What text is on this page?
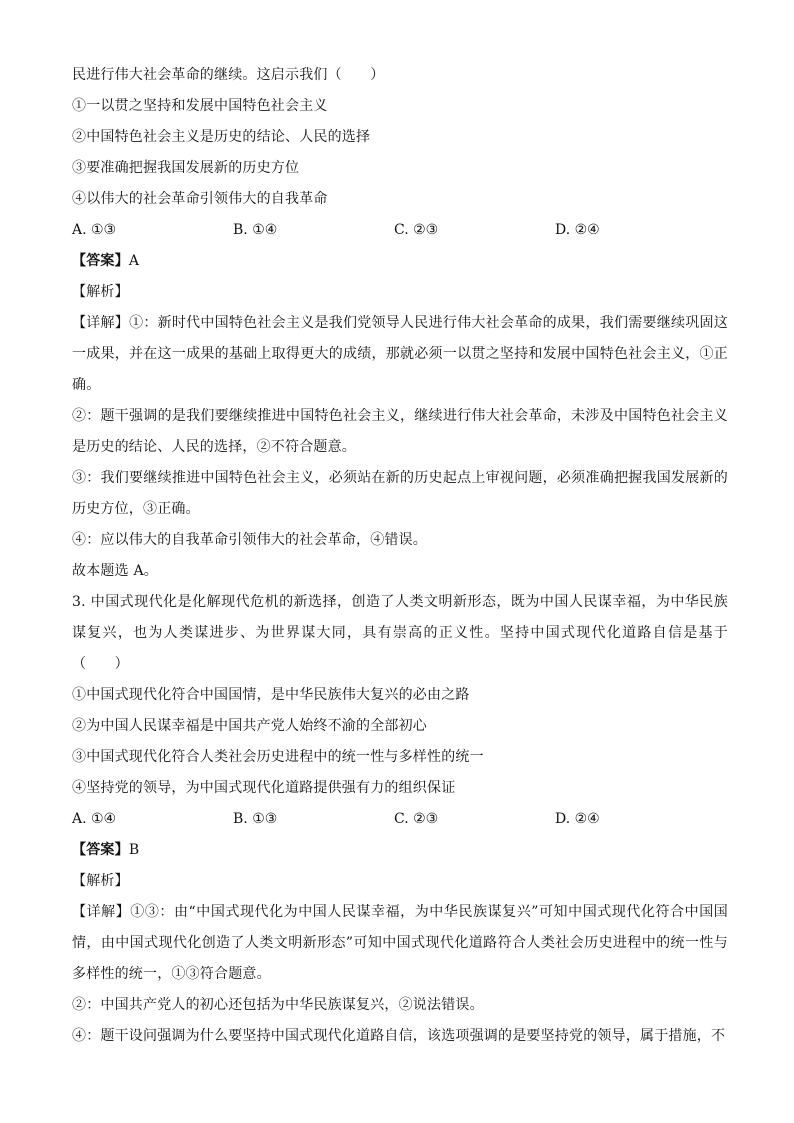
民进行伟大社会革命的继续。这启示我们（　　）
①一以贯之坚持和发展中国特色社会主义
②中国特色社会主义是历史的结论、人民的选择
③要准确把握我国发展新的历史方位
④以伟大的社会革命引领伟大的自我革命
A. ①③	B. ①④	C. ②③	D. ②④
【答案】A
【解析】
【详解】①：新时代中国特色社会主义是我们党领导人民进行伟大社会革命的成果，我们需要继续巩固这一成果，并在这一成果的基础上取得更大的成绩，那就必须一以贯之坚持和发展中国特色社会主义，①正确。
②：题干强调的是我们要继续推进中国特色社会主义，继续进行伟大社会革命，未涉及中国特色社会主义是历史的结论、人民的选择，②不符合题意。
③：我们要继续推进中国特色社会主义，必须站在新的历史起点上审视问题，必须准确把握我国发展新的历史方位，③正确。
④：应以伟大的自我革命引领伟大的社会革命，④错误。
故本题选 A。
3. 中国式现代化是化解现代危机的新选择，创造了人类文明新形态，既为中国人民谋幸福，为中华民族谋复兴，也为人类谋进步、为世界谋大同，具有崇高的正义性。坚持中国式现代化道路自信是基于（　　）
①中国式现代化符合中国国情，是中华民族伟大复兴的必由之路
②为中国人民谋幸福是中国共产党人始终不渝的全部初心
③中国式现代化符合人类社会历史进程中的统一性与多样性的统一
④坚持党的领导，为中国式现代化道路提供强有力的组织保证
A. ①④	B. ①③	C. ②③	D. ②④
【答案】B
【解析】
【详解】①③：由“中国式现代化为中国人民谋幸福，为中华民族谋复兴”可知中国式现代化符合中国国情，由中国式现代化创造了人类文明新形态”可知中国式现代化道路符合人类社会历史进程中的统一性与多样性的统一，①③符合题意。
②：中国共产党人的初心还包括为中华民族谋复兴，②说法错误。
④：题干设问强调为什么要坚持中国式现代化道路自信，该选项强调的是要坚持党的领导，属于措施，不
